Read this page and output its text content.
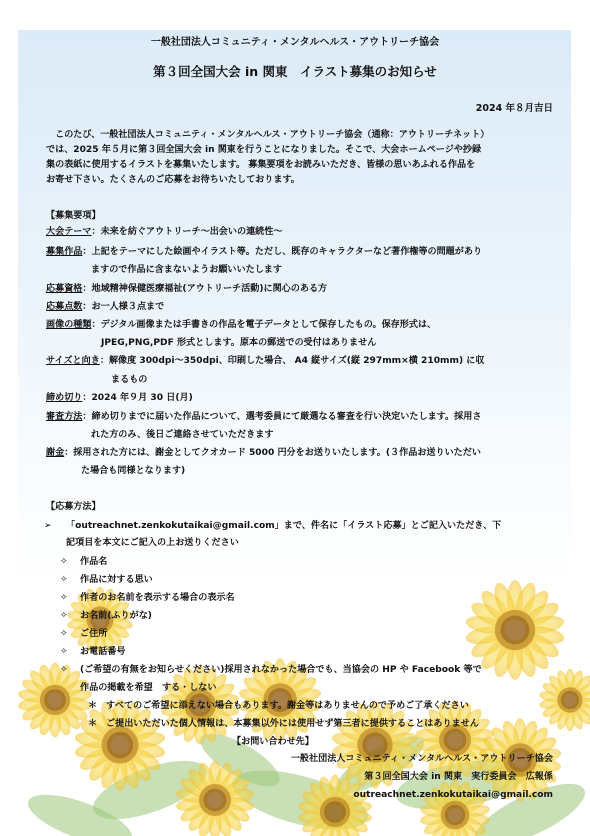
一般社団法人コミュニティ・メンタルヘルス・アウトリーチ協会
第３回全国大会 in 関東　イラスト募集のお知らせ
2024 年８月吉日

このたび、一般社団法人コミュニティ・メンタルヘルス・アウトリーチ協会（通称：アウトリーチネット）

では、2025 年５月に第３回全国大会 in 関東を行うことになりました。そこで、大会ホームページや抄録
集の表紙に使用するイラストを募集いたします。 募集要項をお読みいただき、皆様の思いあふれる作品を
お寄せ下さい。たくさんのご応募をお待ちいたしております。
【募集要項】
大会テーマ：未来を紡ぐアウトリーチ～出会いの連続性～
募集作品：上記をテーマにした絵画やイラスト等。ただし、既存のキャラクターなど著作権等の問題があり
ますので作品に含まないようお願いいたします
応募資格：地域精神保健医療福祉(アウトリーチ活動)に関心のある方
応募点数：お一人様３点まで
画像の種類：デジタル画像または手書きの作品を電子データとして保存したもの。保存形式は、
JPEG,PNG,PDF 形式とします。原本の郵送での受付はありません
サイズと向き：解像度 300dpi～350dpi、印刷した場合、 A4 縦サイズ(縦 297mm×横 210mm) に収
まるもの
締め切り：2024 年９月 30 日(月)
審査方法：締め切りまでに届いた作品について、選考委員にて厳選なる審査を行い決定いたします。採用さ
れた方のみ、後日ご連絡させていただきます
謝金：採用された方には、謝金としてクオカード 5000 円分をお送りいたします。(３作品お送りいただい
た場合も同様となります)
【応募方法】
➢ 「outreachnet.zenkokutaikai@gmail.com」まで、件名に「イラスト応募」とご記入いただき、下
記項目を本文にご記入の上お送りください
✧ 作品名
✧ 作品に対する思い
✧ 作者のお名前を表示する場合の表示名
✧ お名前(ふりがな)
✧ ご住所
✧ お電話番号
✧ (ご希望の有無をお知らせください)採用されなかった場合でも、当協会の HP や Facebook 等で
作品の掲載を希望　する・しない
＊ すべてのご希望に添えない場合もあります。謝金等はありませんので予めご了承ください
＊ ご提出いただいた個人情報は、本募集以外には使用せず第三者に提供することはありません
【お問い合わせ先】
一般社団法人コミュニティ・メンタルヘルス・アウトリーチ協会
第３回全国大会 in 関東　実行委員会　広報係
outreachnet.zenkokutaikai@gmail.com
